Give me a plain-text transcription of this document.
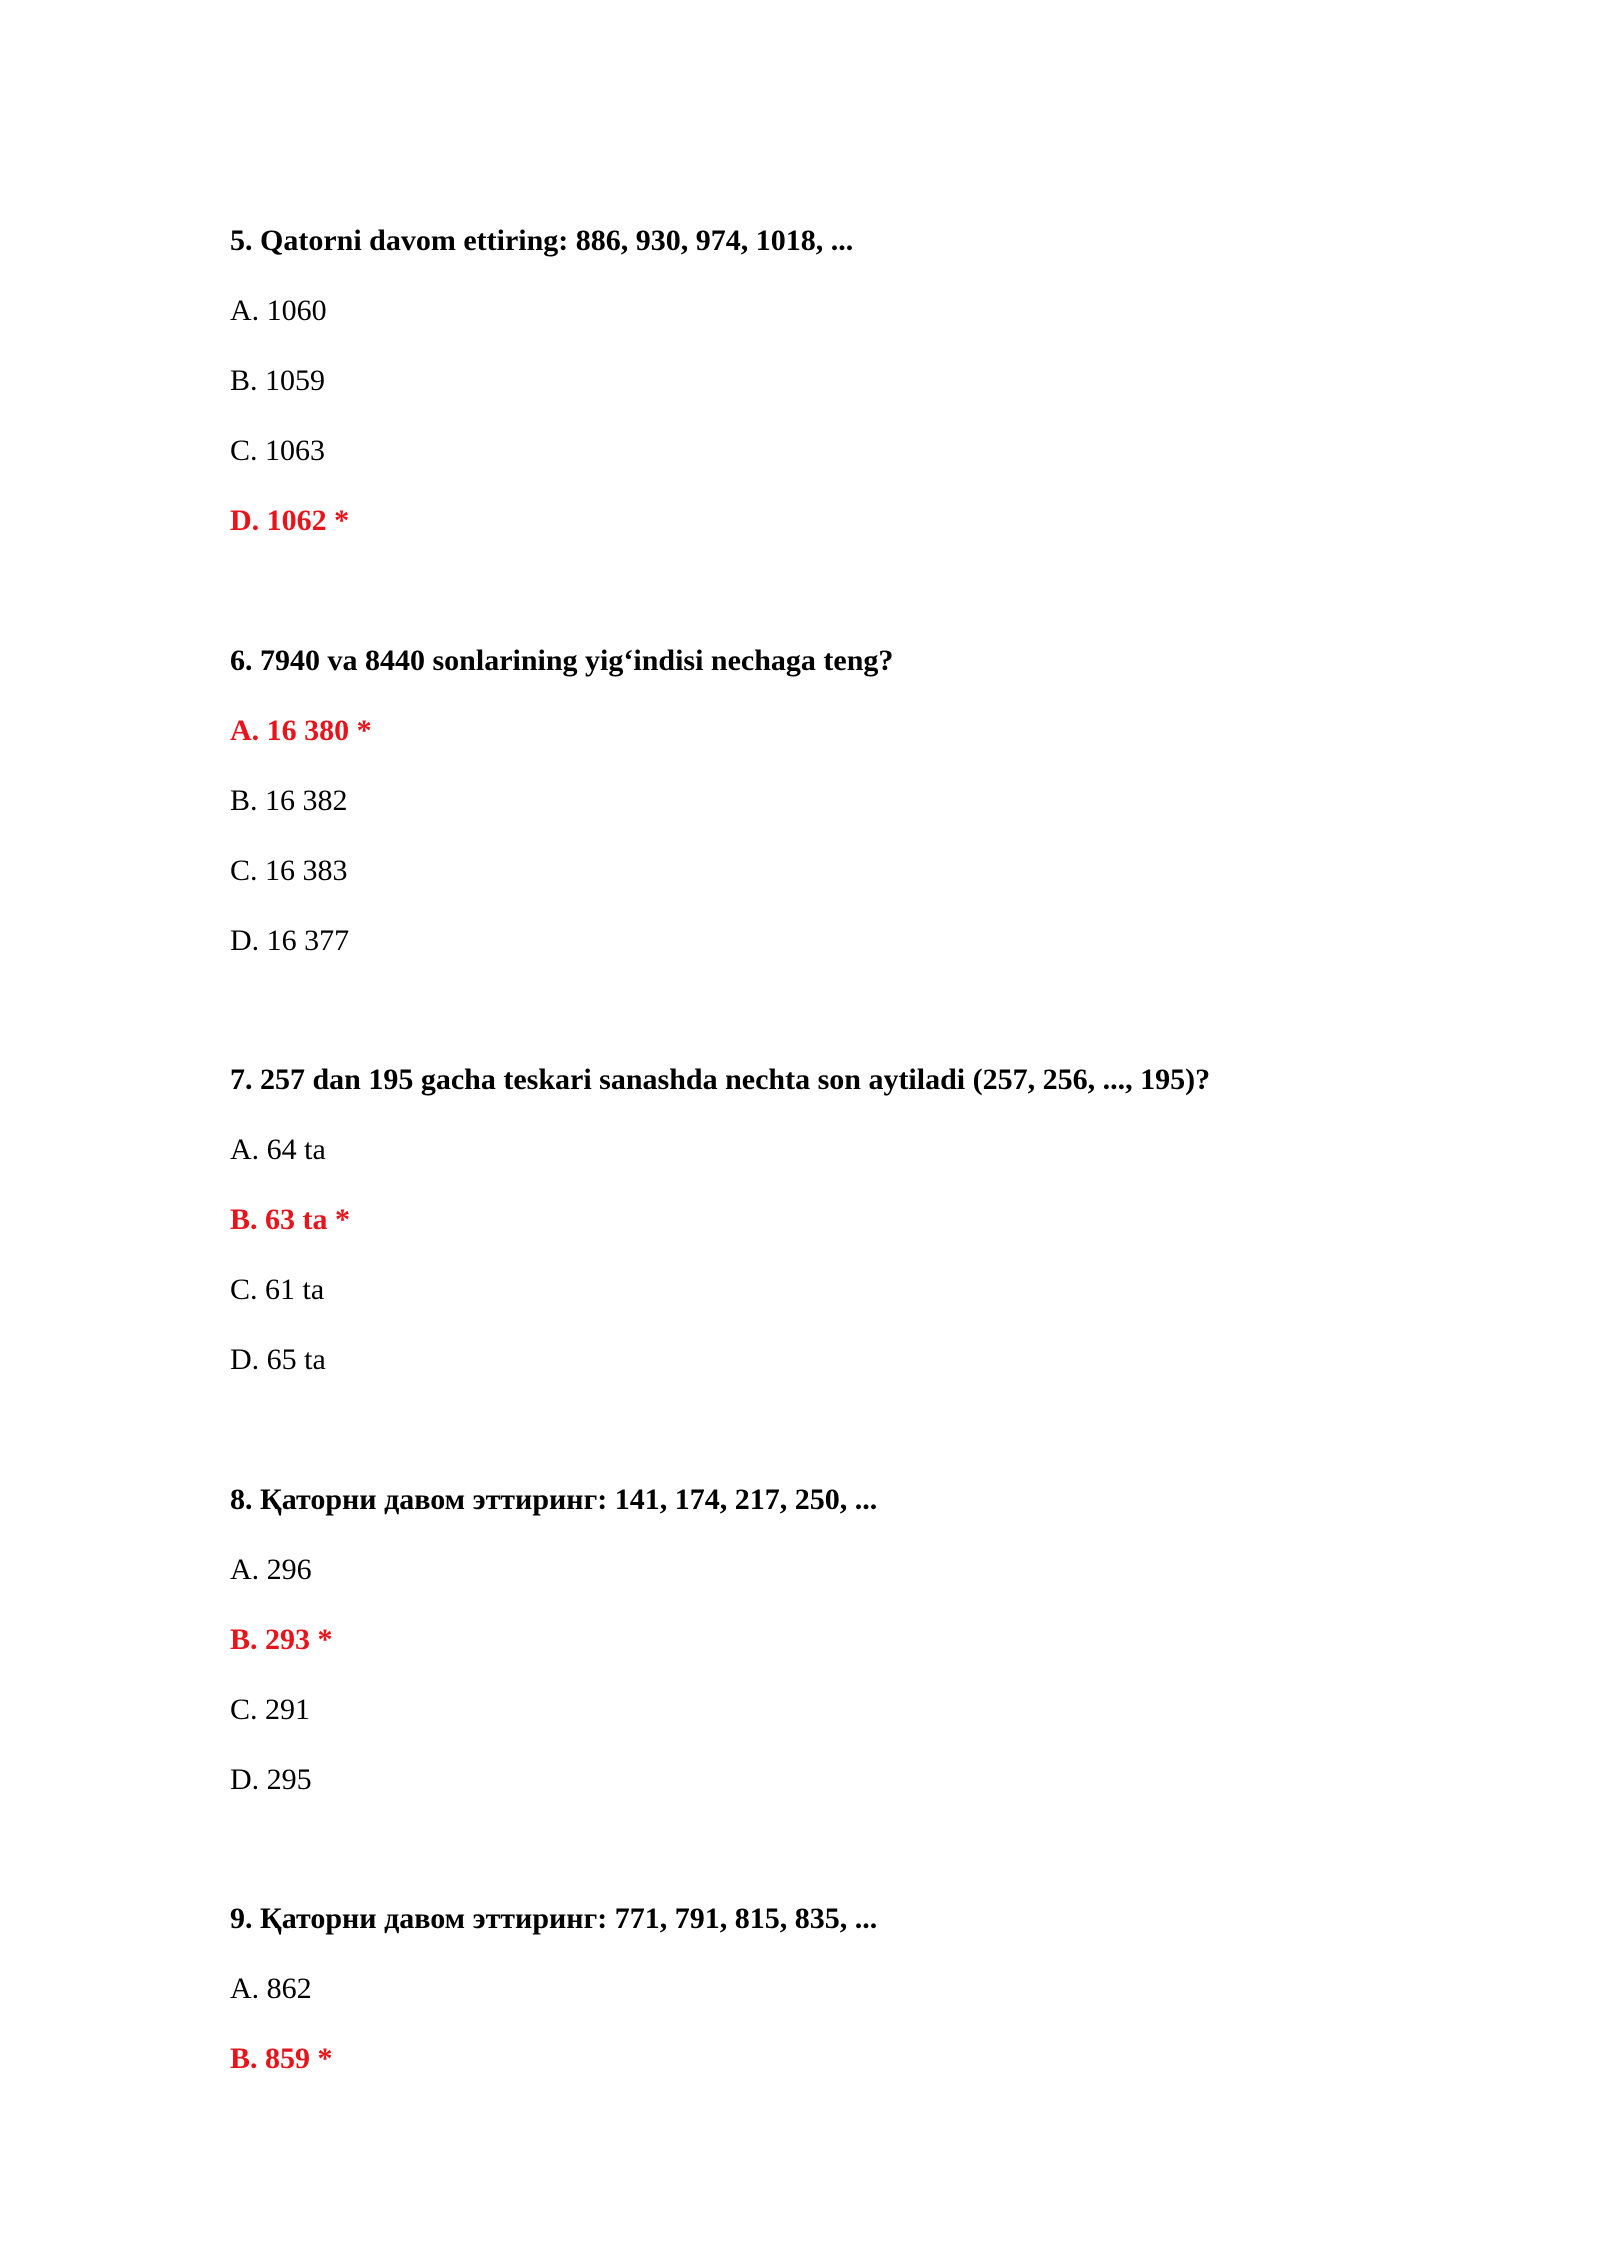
5. Qatorni davom ettiring: 886, 930, 974, 1018, ...
A. 1060
B. 1059
C. 1063
D. 1062 *
6. 7940 va 8440 sonlarining yig‘indisi nechaga teng?
A. 16 380 *
B. 16 382
C. 16 383
D. 16 377
7. 257 dan 195 gacha teskari sanashda nechta son aytiladi (257, 256, ..., 195)?
A. 64 ta
B. 63 ta *
C. 61 ta
D. 65 ta
8. Қаторни давом эттиринг: 141, 174, 217, 250, ...
A. 296
B. 293 *
C. 291
D. 295
9. Қаторни давом эттиринг: 771, 791, 815, 835, ...
A. 862
B. 859 *
